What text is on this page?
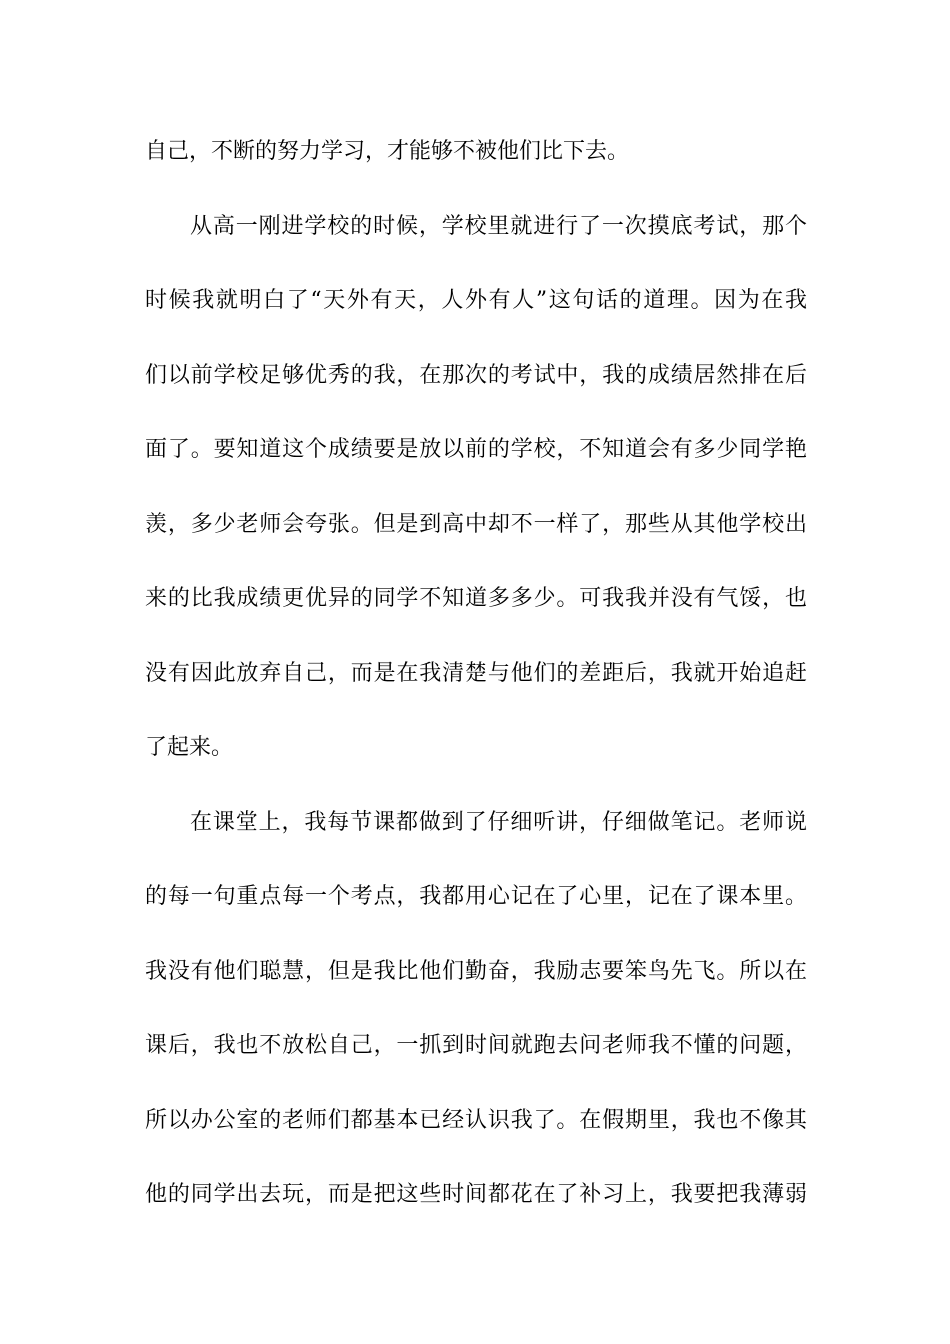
自己，不断的努力学习，才能够不被他们比下去。
从高一刚进学校的时候，学校里就进行了一次摸底考试，那个
时候我就明白了“天外有天，人外有人”这句话的道理。因为在我
们以前学校足够优秀的我，在那次的考试中，我的成绩居然排在后
面了。要知道这个成绩要是放以前的学校，不知道会有多少同学艳
羡，多少老师会夸张。但是到高中却不一样了，那些从其他学校出
来的比我成绩更优异的同学不知道多多少。可我我并没有气馁，也
没有因此放弃自己，而是在我清楚与他们的差距后，我就开始追赶
了起来。
在课堂上，我每节课都做到了仔细听讲，仔细做笔记。老师说
的每一句重点每一个考点，我都用心记在了心里，记在了课本里。
我没有他们聪慧，但是我比他们勤奋，我励志要笨鸟先飞。所以在
课后，我也不放松自己，一抓到时间就跑去问老师我不懂的问题，
所以办公室的老师们都基本已经认识我了。在假期里，我也不像其
他的同学出去玩，而是把这些时间都花在了补习上，我要把我薄弱
